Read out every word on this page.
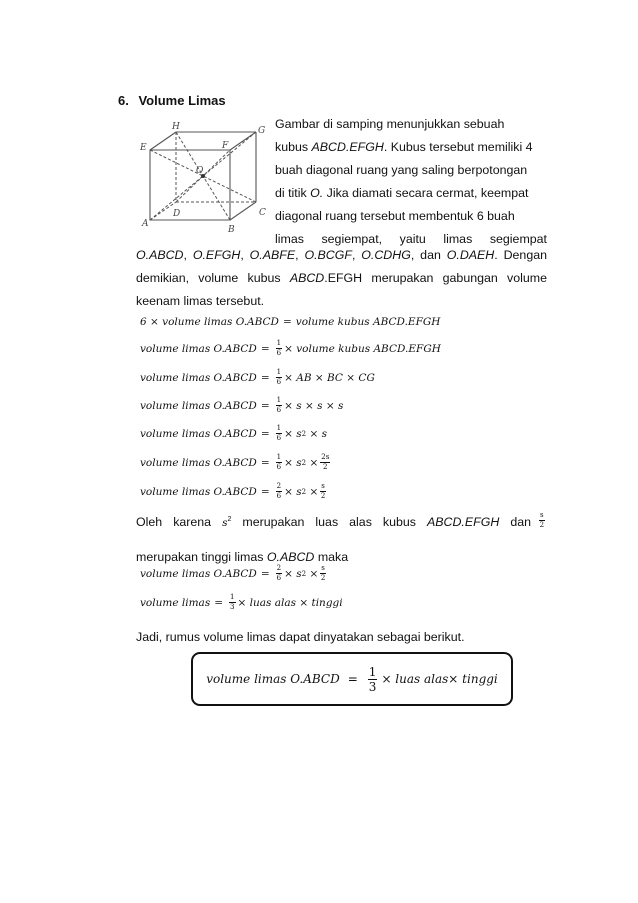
6. Volume Limas
A
B
C
D
E	F
G
H
O
Gambar di samping menunjukkan sebuah
kubus ABCD.EFGH. Kubus tersebut memiliki 4
buah diagonal ruang yang saling berpotongan
di titik O. Jika diamati secara cermat, keempat
diagonal ruang tersebut membentuk 6 buah
limas segiempat, yaitu limas segiempat
O.ABCD, O.EFGH, O.ABFE, O.BCGF, O.CDHG, dan O.DAEH. Dengan demikian, volume kubus ABCD.EFGH merupakan gabungan volume keenam limas tersebut.
6 × volume limas O.ABCD = volume kubus ABCD.EFGH
volume limas O.ABCD = $\frac{1}{6}$ × volume kubus ABCD.EFGH
volume limas O.ABCD = $\frac{1}{6}$ × AB × BC × CG
volume limas O.ABCD = $\frac{1}{6} \times s \times s \times s$
volume limas O.ABCD = $\frac{1}{6} \times s$ 2
× s
volume limas O.ABCD = $\frac{1}{6} \times s$ 2
× $\frac{2s}{2}$
volume limas O.ABCD = $\frac{2}{6} \times s$ 2
× $\frac{s}{2}$
Oleh karena $s^2$ merupakan luas alas kubus ABCD.EFGH dan
merupakan tinggi limas O.ABCD maka
$\frac{s}{2}$
volume limas O.ABCD = $\frac{2}{6} \times s$ 2
× $\frac{s}{2}$
volume limas = $\frac{1}{3}$ × luas alas × tinggi
Jadi, rumus volume limas dapat dinyatakan sebagai berikut.
volume limas O.ABCD = $\frac{1}{3}$ × luas alas× tinggi
